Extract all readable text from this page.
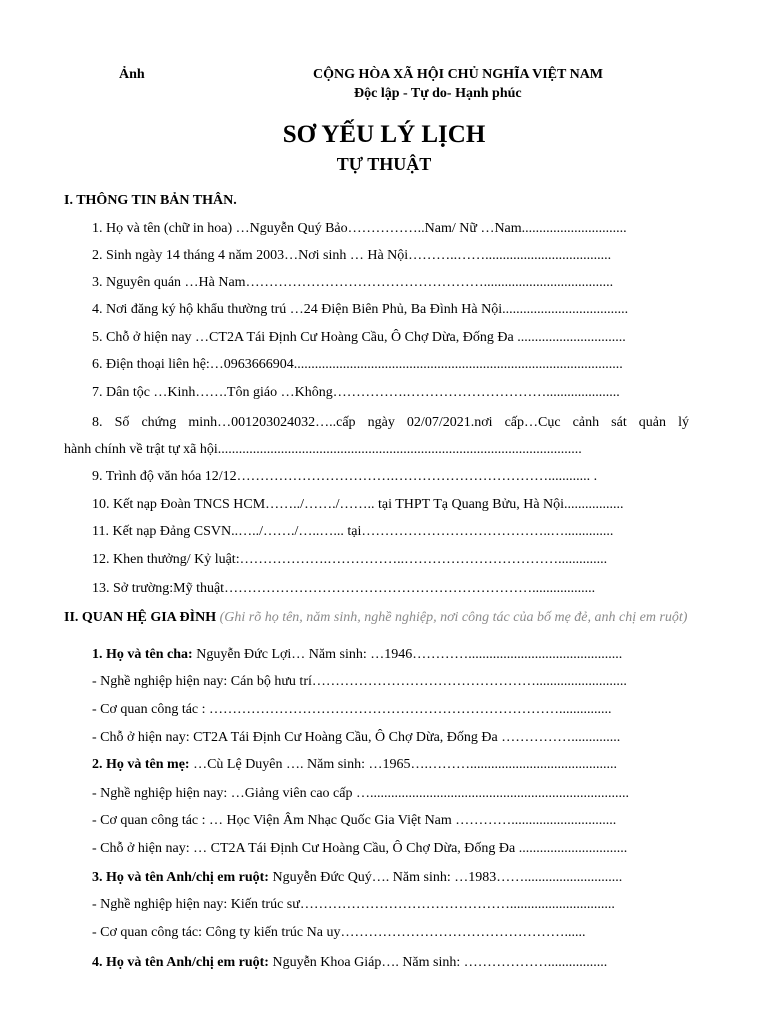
Ảnh	CỘNG HÒA XÃ HỘI CHỦ NGHĨA VIỆT NAM
Độc lập - Tự do- Hạnh phúc
SƠ YẾU LÝ LỊCH
TỰ THUẬT
I. THÔNG TIN BẢN THÂN.
1. Họ và tên (chữ in hoa) …Nguyễn Quý Bảo……………..Nam/ Nữ …Nam..............................
2. Sinh ngày 14 tháng 4 năm 2003…Nơi sinh … Hà Nội………..……....................................
3. Nguyên quán …Hà Nam…………………………………………….....................................
4. Nơi đăng ký hộ khẩu thường trú …24 Điện Biên Phủ, Ba Đình Hà Nội....................................
5. Chỗ ở hiện nay …CT2A Tái Định Cư Hoàng Cầu, Ô Chợ Dừa, Đống Đa ...............................
6. Điện thoại liên hệ:…0963666904..............................................................................................
7. Dân tộc …Kinh…….Tôn giáo …Không…………….………………………….....................
8. Số chứng minh…001203024032…..cấp ngày 02/07/2021.nơi cấp…Cục cảnh sát quản lý
hành chính về trật tự xã hội........................................................................................................
9. Trình độ văn hóa 12/12…………………………….……………………………............ .
10. Kết nạp Đoàn TNCS HCM……../……./…….. tại THPT Tạ Quang Bửu, Hà Nội.................
11. Kết nạp Đảng CSVN..…../……./…..…... tại…………………………………..…..............
12. Khen thưởng/ Kỷ luật:……………….……………..……………………………..............
13. Sở trường:Mỹ thuật…………………………………………………………..................
II. QUAN HỆ GIA ĐÌNH (Ghi rõ họ tên, năm sinh, nghề nghiệp, nơi công tác của bố mẹ đẻ, anh chị em ruột)
1. Họ và tên cha: Nguyễn Đức Lợi… Năm sinh: …1946…………............................................
- Nghề nghiệp hiện nay: Cán bộ hưu trí…………………………………………..........................
- Cơ quan công tác : …………………………………………………………………...............
- Chỗ ở hiện nay: CT2A Tái Định Cư Hoàng Cầu, Ô Chợ Dừa, Đống Đa ……………..............
2. Họ và tên mẹ: …Cù Lệ Duyên …. Năm sinh: …1965….………..........................................
- Nghề nghiệp hiện nay: …Giảng viên cao cấp …..........................................................................
- Cơ quan công tác : … Học Viện Âm Nhạc Quốc Gia Việt Nam …………..............................
- Chỗ ở hiện nay: … CT2A Tái Định Cư Hoàng Cầu, Ô Chợ Dừa, Đống Đa ...............................
3. Họ và tên Anh/chị em ruột: Nguyễn Đức Quý…. Năm sinh: …1983……............................
- Nghề nghiệp hiện nay: Kiến trúc sư………………………………………..............................
- Cơ quan công tác: Công ty kiến trúc Na uy…………………………………………......
4. Họ và tên Anh/chị em ruột: Nguyễn Khoa Giáp…. Năm sinh: ……………….................
